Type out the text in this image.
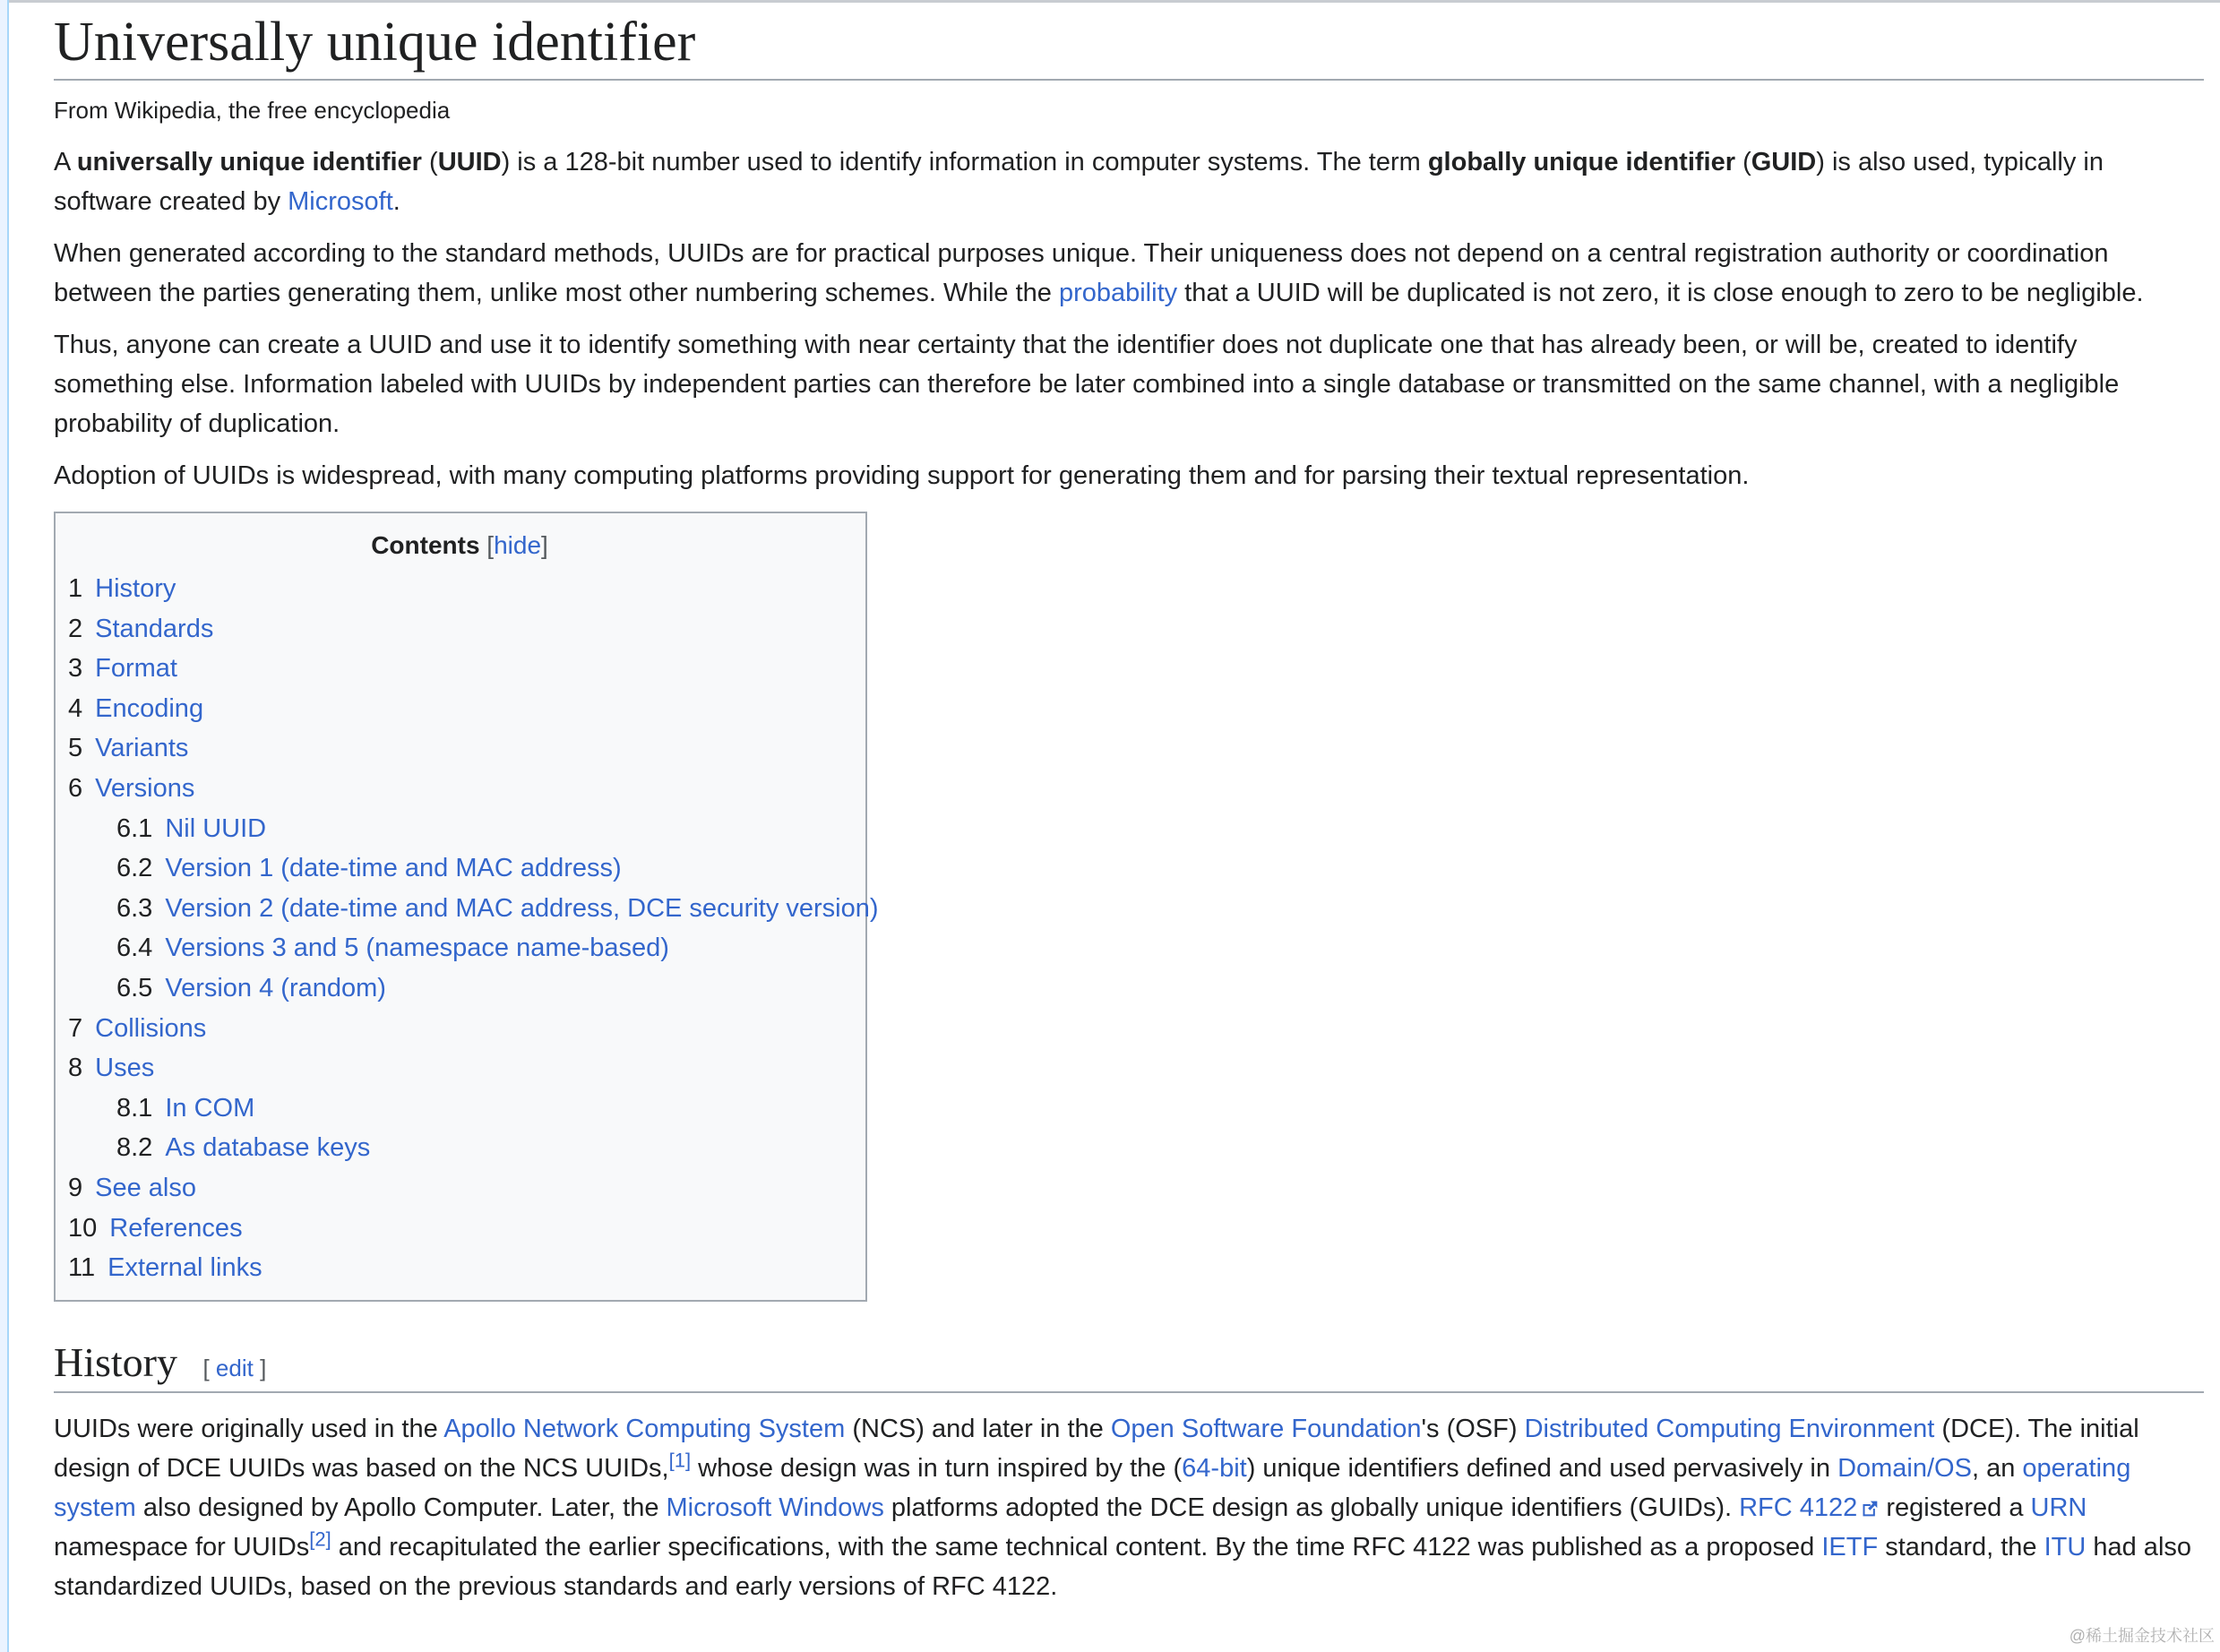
Universally unique identifier
From Wikipedia, the free encyclopedia

A universally unique identifier (UUID) is a 128-bit number used to identify information in computer systems. The term globally unique identifier (GUID) is also used, typically in software created by Microsoft.

When generated according to the standard methods, UUIDs are for practical purposes unique. Their uniqueness does not depend on a central registration authority or coordination between the parties generating them, unlike most other numbering schemes. While the probability that a UUID will be duplicated is not zero, it is close enough to zero to be negligible.

Thus, anyone can create a UUID and use it to identify something with near certainty that the identifier does not duplicate one that has already been, or will be, created to identify something else. Information labeled with UUIDs by independent parties can therefore be later combined into a single database or transmitted on the same channel, with a negligible probability of duplication.

Adoption of UUIDs is widespread, with many computing platforms providing support for generating them and for parsing their textual representation.

Contents [hide]
1 History
2 Standards
3 Format
4 Encoding
5 Variants
6 Versions
6.1 Nil UUID
6.2 Version 1 (date-time and MAC address)
6.3 Version 2 (date-time and MAC address, DCE security version)
6.4 Versions 3 and 5 (namespace name-based)
6.5 Version 4 (random)
7 Collisions
8 Uses
8.1 In COM
8.2 As database keys
9 See also
10 References
11 External links
History [ edit ]

UUIDs were originally used in the Apollo Network Computing System (NCS) and later in the Open Software Foundation's (OSF) Distributed Computing Environment (DCE). The initial design of DCE UUIDs was based on the NCS UUIDs,[1] whose design was in turn inspired by the (64-bit) unique identifiers defined and used pervasively in Domain/OS, an operating system also designed by Apollo Computer. Later, the Microsoft Windows platforms adopted the DCE design as globally unique identifiers (GUIDs). RFC 4122 registered a URN namespace for UUIDs[2] and recapitulated the earlier specifications, with the same technical content. By the time RFC 4122 was published as a proposed IETF standard, the ITU had also standardized UUIDs, based on the previous standards and early versions of RFC 4122.

@稀土掘金技术社区
